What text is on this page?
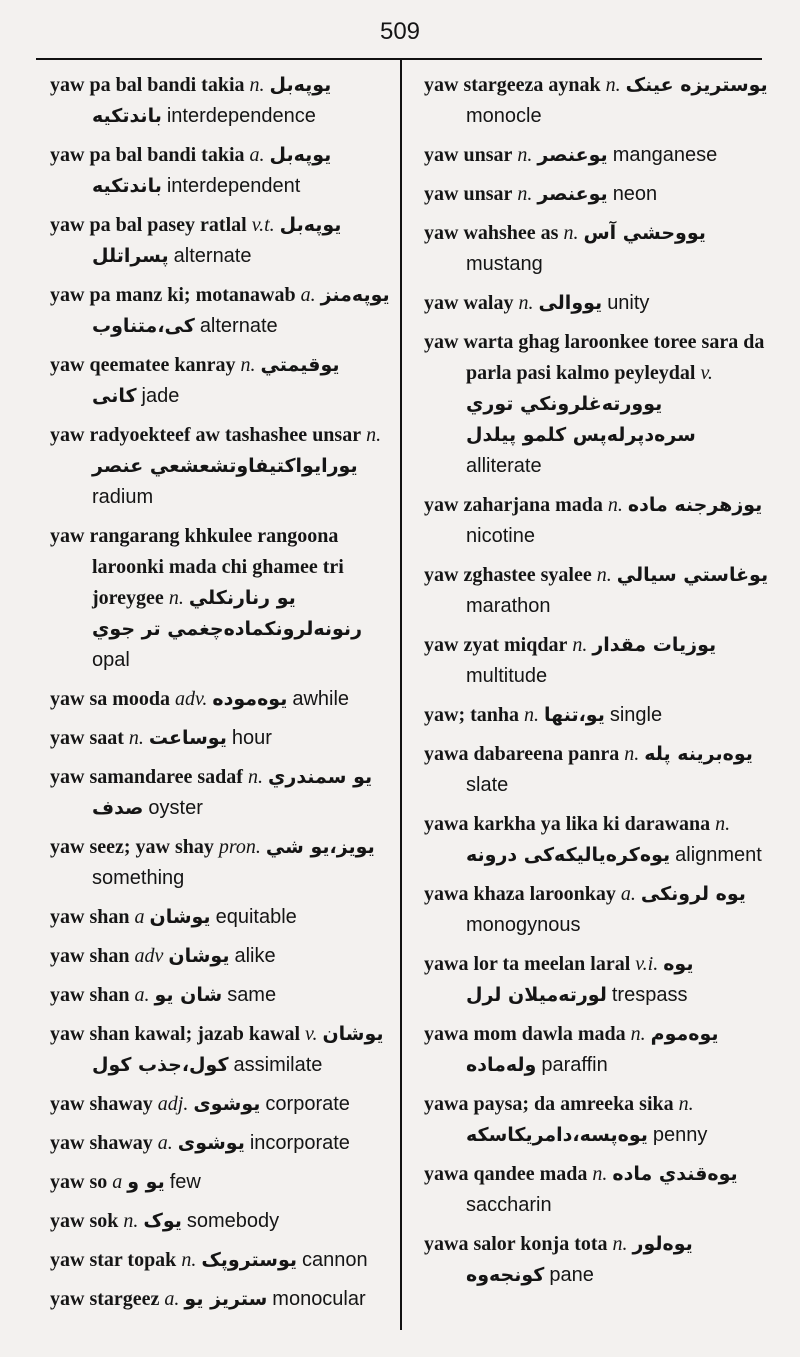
509
yaw pa bal bandi takia n. یوپەبل باندتکیە interdependence
yaw pa bal bandi takia a. یوپەبل باندتکیە interdependent
yaw pa bal pasey ratlal v.t. یوپەبل پسراتلل alternate
yaw pa manz ki; motanawab a. یوپەمنز کی،متناوب alternate
yaw qeematee kanray n. یوقیمتي کانی jade
yaw radyoekteef aw tashashee unsar n. یورایواکتیفاوتشعشعي عنصر radium
yaw rangarang khkulee rangoona laroonki mada chi ghamee tri joreygee n. یو رنارنکلي رنونەلرونکمادەچغمي تر جوي opal
yaw sa mooda adv. یوەمودە awhile
yaw saat n. یوساعت hour
yaw samandaree sadaf n. یو سمندري صدف oyster
yaw seez; yaw shay pron. یویز،یو شي something
yaw shan a یوشان equitable
yaw shan adv یوشان alike
yaw shan a. شان یو same
yaw shan kawal; jazab kawal v. یوشان کول،جذب کول assimilate
yaw shaway adj. یوشوی corporate
yaw shaway a. یوشوی incorporate
yaw so a یو و few
yaw sok n. یوک somebody
yaw star topak n. یوستروپک cannon
yaw stargeez a. ستریز یو monocular
yaw stargeeza aynak n. یوستریزە عینک monocle
yaw unsar n. یوعنصر manganese
yaw unsar n. یوعنصر neon
yaw wahshee as n. یووحشي آس mustang
yaw walay n. یووالی unity
yaw warta ghag laroonkee toree sara da parla pasi kalmo peyleydal v. یوورتەغلرونکي توري سرەدپرلەپس کلمو پیلدل alliterate
yaw zaharjana mada n. یوزهرجنە مادە nicotine
yaw zghastee syalee n. یوغاستي سیالي marathon
yaw zyat miqdar n. یوزیات مقدار multitude
yaw; tanha n. یو،تنها single
yawa dabareena panra n. یوەبرینە پلە slate
yawa karkha ya lika ki darawana n. یوەکرەیالیکەکی درونە alignment
yawa khaza laroonkay a. یوە لرونکی monogynous
yawa lor ta meelan laral v.i. یوە لورتەمیلان لرل trespass
yawa mom dawla mada n. یوەموم ولەمادە paraffin
yawa paysa; da amreeka sika n. یوەپسە،دامریکاسکە penny
yawa qandee mada n. یوەقندي مادە saccharin
yawa salor konja tota n. یوەلور کونجەوە pane
